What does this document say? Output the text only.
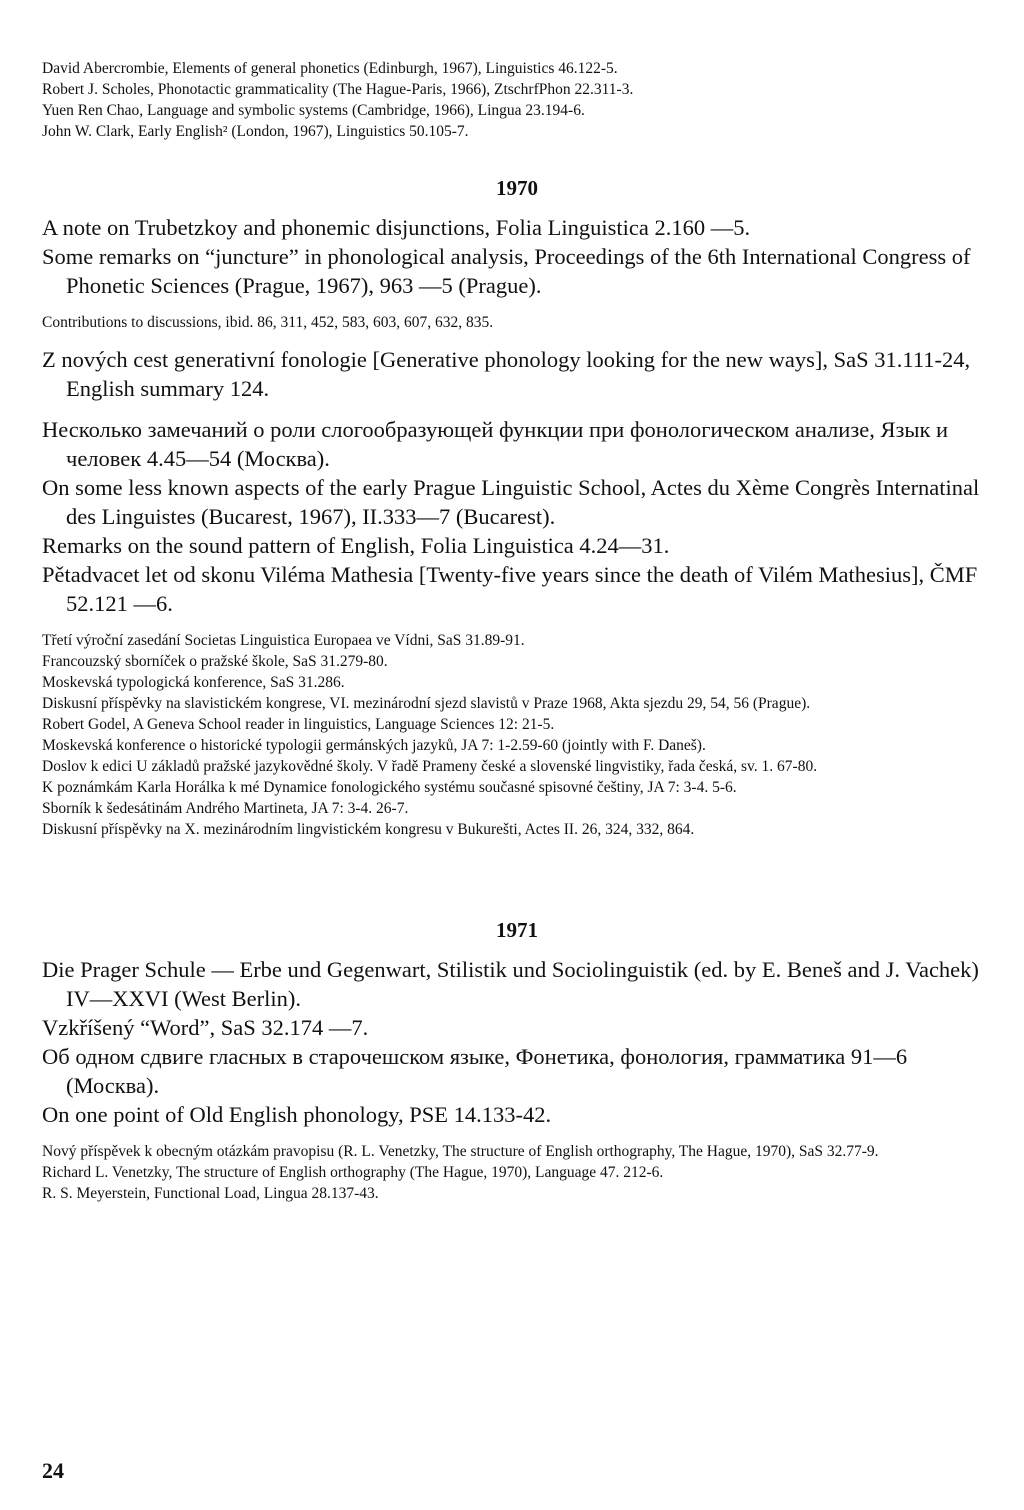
David Abercrombie, Elements of general phonetics (Edinburgh, 1967), Linguistics 46.122-5.

Robert J. Scholes, Phonotactic grammaticality (The Hague-Paris, 1966), ZtschrfPhon 22.311-3.

Yuen Ren Chao, Language and symbolic systems (Cambridge, 1966), Lingua 23.194-6.

John W. Clark, Early English² (London, 1967), Linguistics 50.105-7.

1970

A note on Trubetzkoy and phonemic disjunctions, Folia Linguistica 2.160 —5.

Some remarks on “juncture” in phonological analysis, Proceedings of the 6th International Congress of Phonetic Sciences (Prague, 1967), 963 —5 (Prague).

Contributions to discussions, ibid. 86, 311, 452, 583, 603, 607, 632, 835.

Z nových cest generativní fonologie [Generative phonology looking for the new ways], SaS 31.111-24, English summary 124.

Несколько замечаний о роли слогообразующей функции при фонологическом анализе, Язык и человек 4.45—54 (Москва).

On some less known aspects of the early Prague Linguistic School, Actes du Xème Congrès Internatinal des Linguistes (Bucarest, 1967), II.333—7 (Bucarest).

Remarks on the sound pattern of English, Folia Linguistica 4.24—31.

Pětadvacet let od skonu Viléma Mathesia [Twenty-five years since the death of Vilém Mathesius], ČMF 52.121 —6.

Třetí výroční zasedání Societas Linguistica Europaea ve Vídni, SaS 31.89-91.

Francouzský sborníček o pražské škole, SaS 31.279-80.

Moskevská typologická konference, SaS 31.286.

Diskusní příspěvky na slavistickém kongrese, VI. mezinárodní sjezd slavistů v Praze 1968, Akta sjezdu 29, 54, 56 (Prague).

Robert Godel, A Geneva School reader in linguistics, Language Sciences 12: 21-5.

Moskevská konference o historické typologii germánských jazyků, JA 7: 1-2.59-60 (jointly with F. Daneš).

Doslov k edici U základů pražské jazykovědné školy. V řadě Prameny české a slovenské lingvistiky, řada česká, sv. 1. 67-80.

K poznámkám Karla Horálka k mé Dynamice fonologického systému současné spisovné češtiny, JA 7: 3-4. 5-6.

Sborník k šedesátinám Andrého Martineta, JA 7: 3-4. 26-7.

Diskusní příspěvky na X. mezinárodním lingvistickém kongresu v Bukurešti, Actes II. 26, 324, 332, 864.

1971

Die Prager Schule — Erbe und Gegenwart, Stilistik und Sociolinguistik (ed. by E. Beneš and J. Vachek) IV—XXVI (West Berlin).

Vzkříšený “Word”, SaS 32.174 —7.

Об одном сдвигe гласных в старочешском языке, Фонетика, фонология, грамматика 91—6 (Москва).

On one point of Old English phonology, PSE 14.133-42.

Nový příspěvek k obecným otázkám pravopisu (R. L. Venetzky, The structure of English orthography, The Hague, 1970), SaS 32.77-9.

Richard L. Venetzky, The structure of English orthography (The Hague, 1970), Language 47. 212-6.

R. S. Meyerstein, Functional Load, Lingua 28.137-43.

24
